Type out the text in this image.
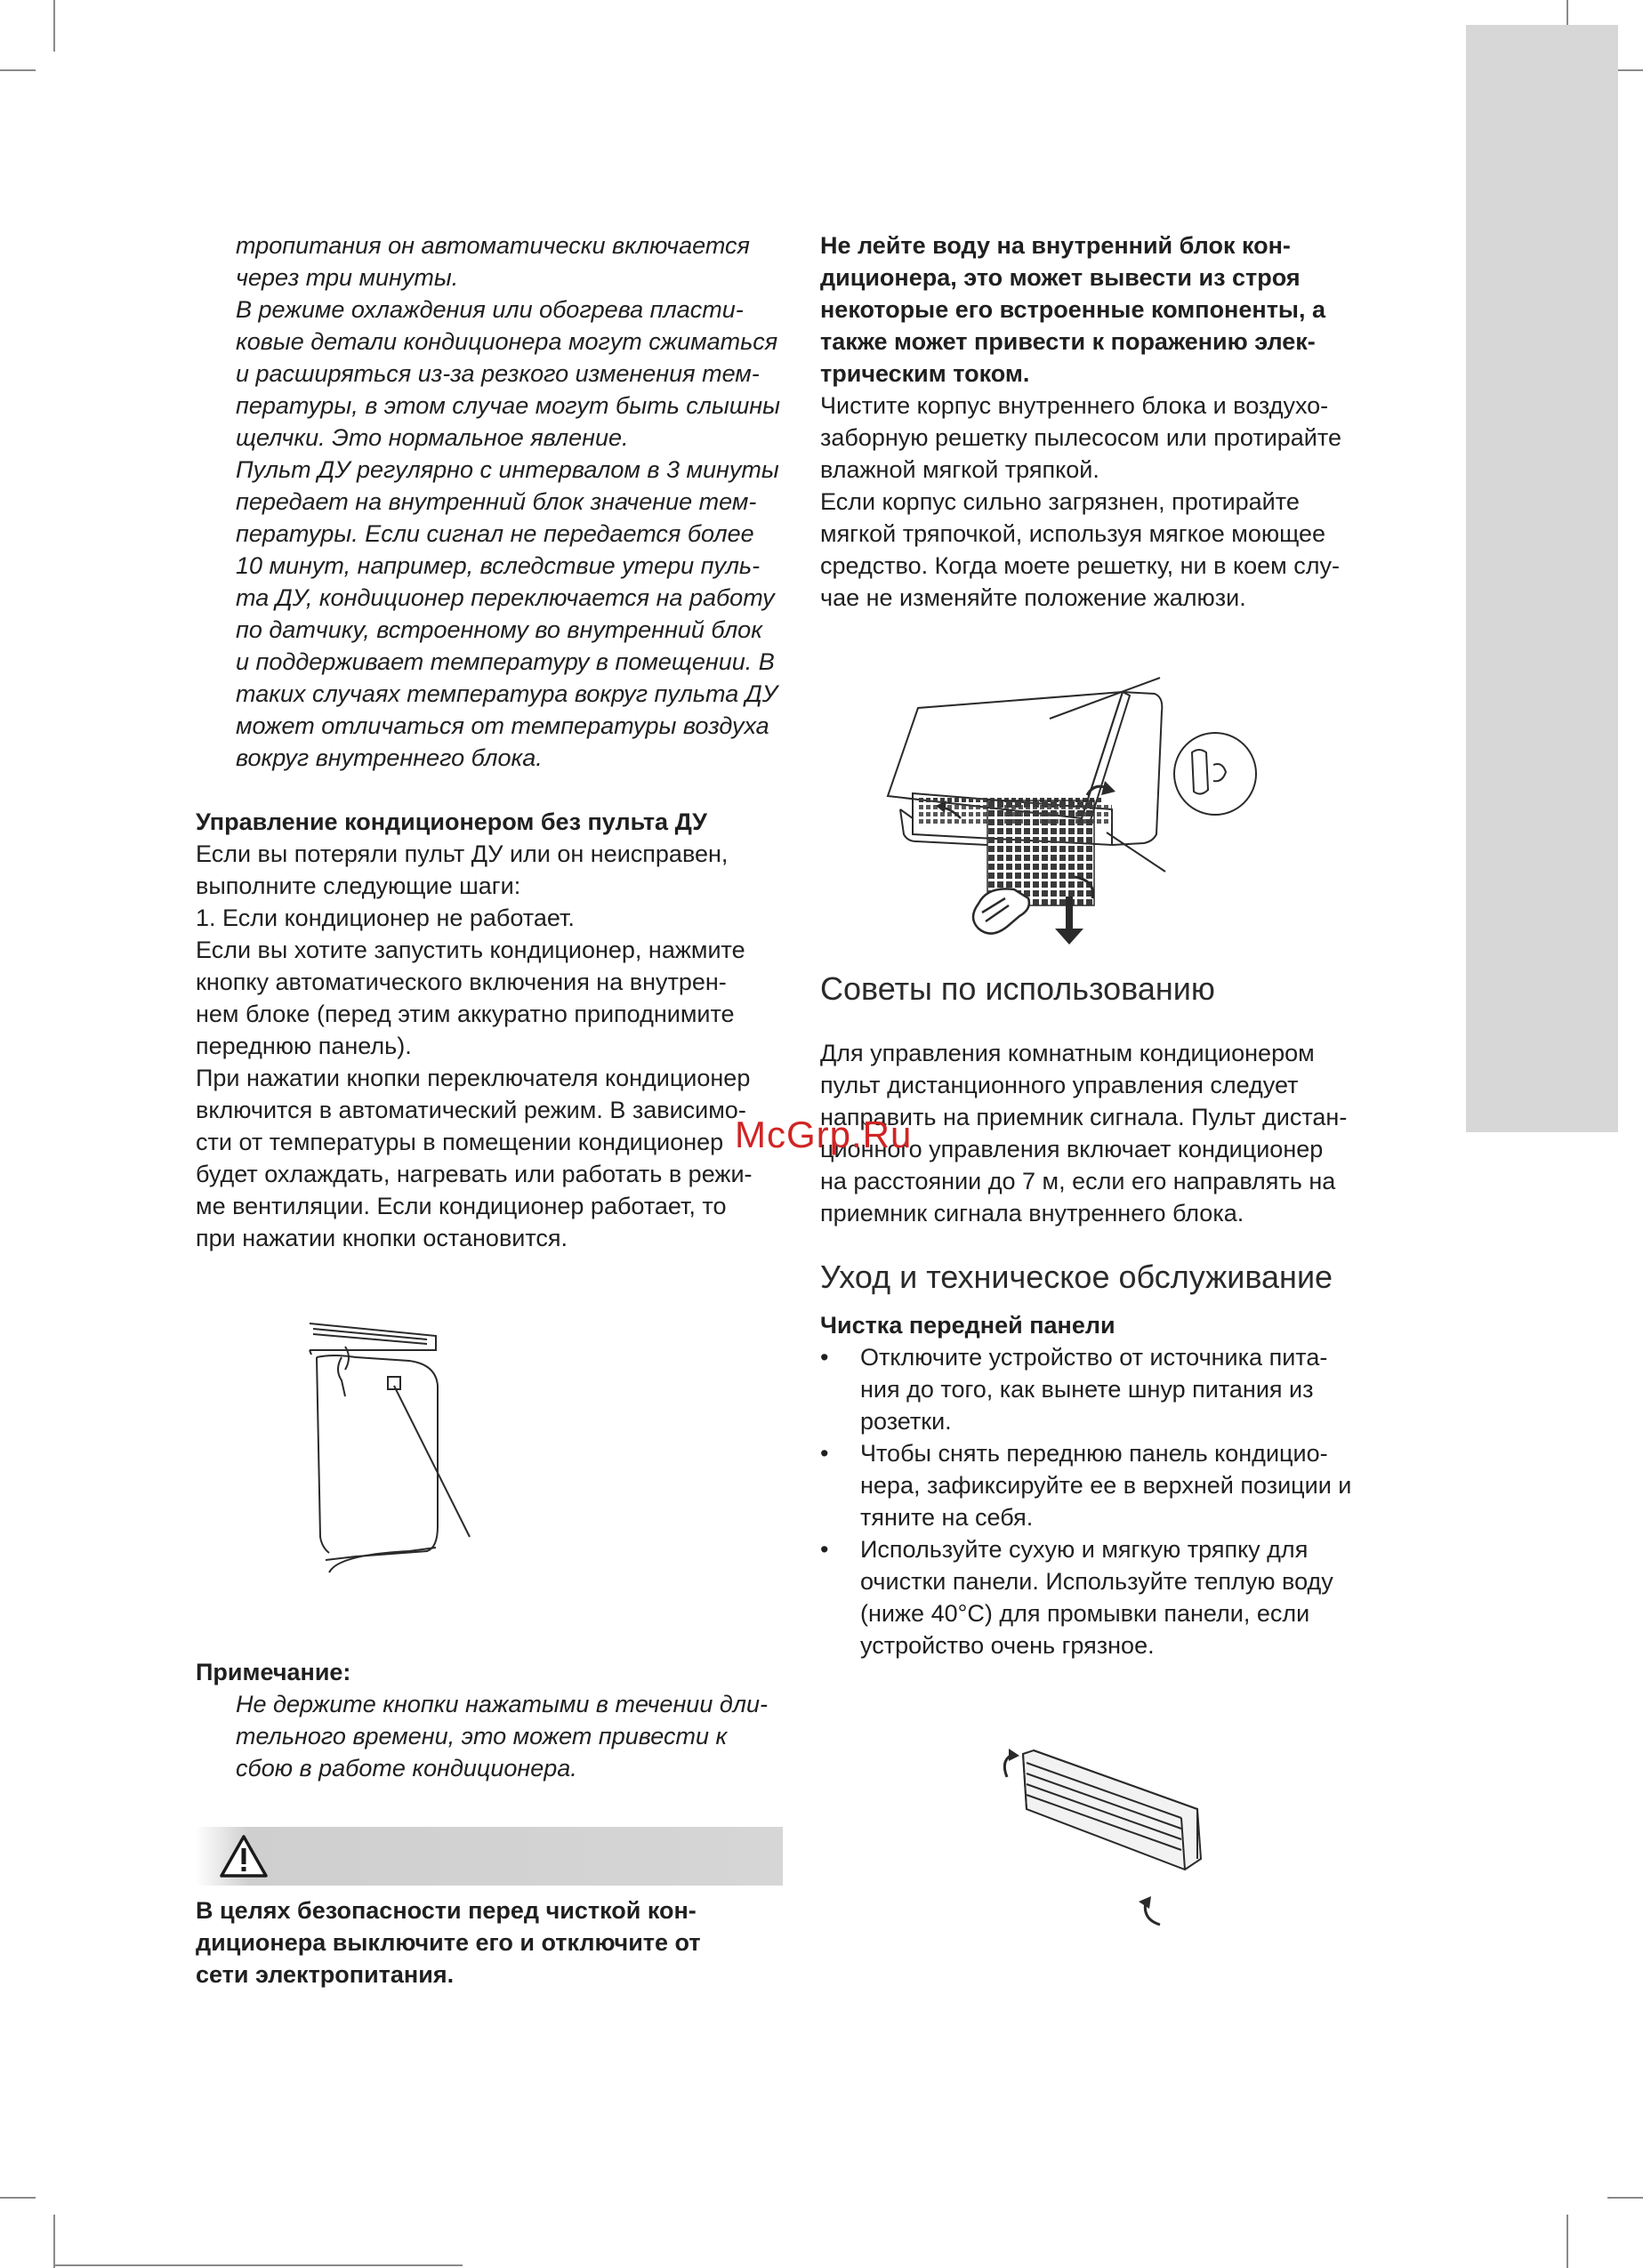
тропитания он автоматически включается

через три минуты.

В режиме охлаждения или обогрева пласти-

ковые детали кондиционера могут сжиматься

и расширяться из-за резкого изменения тем-

пературы, в этом случае могут быть слышны

щелчки. Это нормальное явление.

Пульт ДУ регулярно с интервалом в 3 минуты

передает на внутренний блок значение тем-

пературы. Если сигнал не передается более

10 минут, например, вследствие утери пуль-

та ДУ, кондиционер переключается на работу

по датчику, встроенному во внутренний блок

и поддерживает температуру в помещении. В

таких случаях температура вокруг пульта ДУ

может отличаться от температуры воздуха

вокруг внутреннего блока.

Управление кондиционером без пульта ДУ

Если вы потеряли пульт ДУ или он неисправен,

выполните следующие шаги:

1. Если кондиционер не работает.

Если вы хотите запустить кондиционер, нажмите

кнопку автоматического включения на внутрен-

нем блоке (перед этим аккуратно приподнимите

переднюю панель).

При нажатии кнопки переключателя кондиционер

включится в автоматический режим. В зависимо-

сти от температуры в помещении кондиционер

будет охлаждать, нагревать или работать в режи-

ме вентиляции. Если кондиционер работает, то

при нажатии кнопки остановится.

Примечание:

Не держите кнопки нажатыми в течении дли-

тельного времени, это может привести к

сбою в работе кондиционера.

В целях безопасности перед чисткой кон-

диционера выключите его и отключите от

сети электропитания.

Не лейте воду на внутренний блок кон-

диционера, это может вывести из строя

некоторые его встроенные компоненты, а

также может привести к поражению элек-

трическим током.

Чистите корпус внутреннего блока и воздухо-

заборную решетку пылесосом или протирайте

влажной мягкой тряпкой.

Если корпус сильно загрязнен, протирайте

мягкой тряпочкой, используя мягкое моющее

средство. Когда моете решетку, ни в коем слу-

чае не изменяйте положение жалюзи.

Советы по использованию

Для управления комнатным кондиционером

пульт дистанционного управления следует

направить на приемник сигнала. Пульт дистан-

ционного управления включает кондиционер

на расстоянии до 7 м, если его направлять на

приемник сигнала внутреннего блока.

Уход и техническое обслуживание

Чистка передней панели

• Отключите устройство от источника пита-

ния до того, как вынете шнур питания из

розетки.

• Чтобы снять переднюю панель кондицио-

нера, зафиксируйте ее в верхней позиции и

тяните на себя.

• Используйте сухую и мягкую тряпку для

очистки панели. Используйте теплую воду

(ниже 40°C) для промывки панели, если

устройство очень грязное.

McGrp.Ru
